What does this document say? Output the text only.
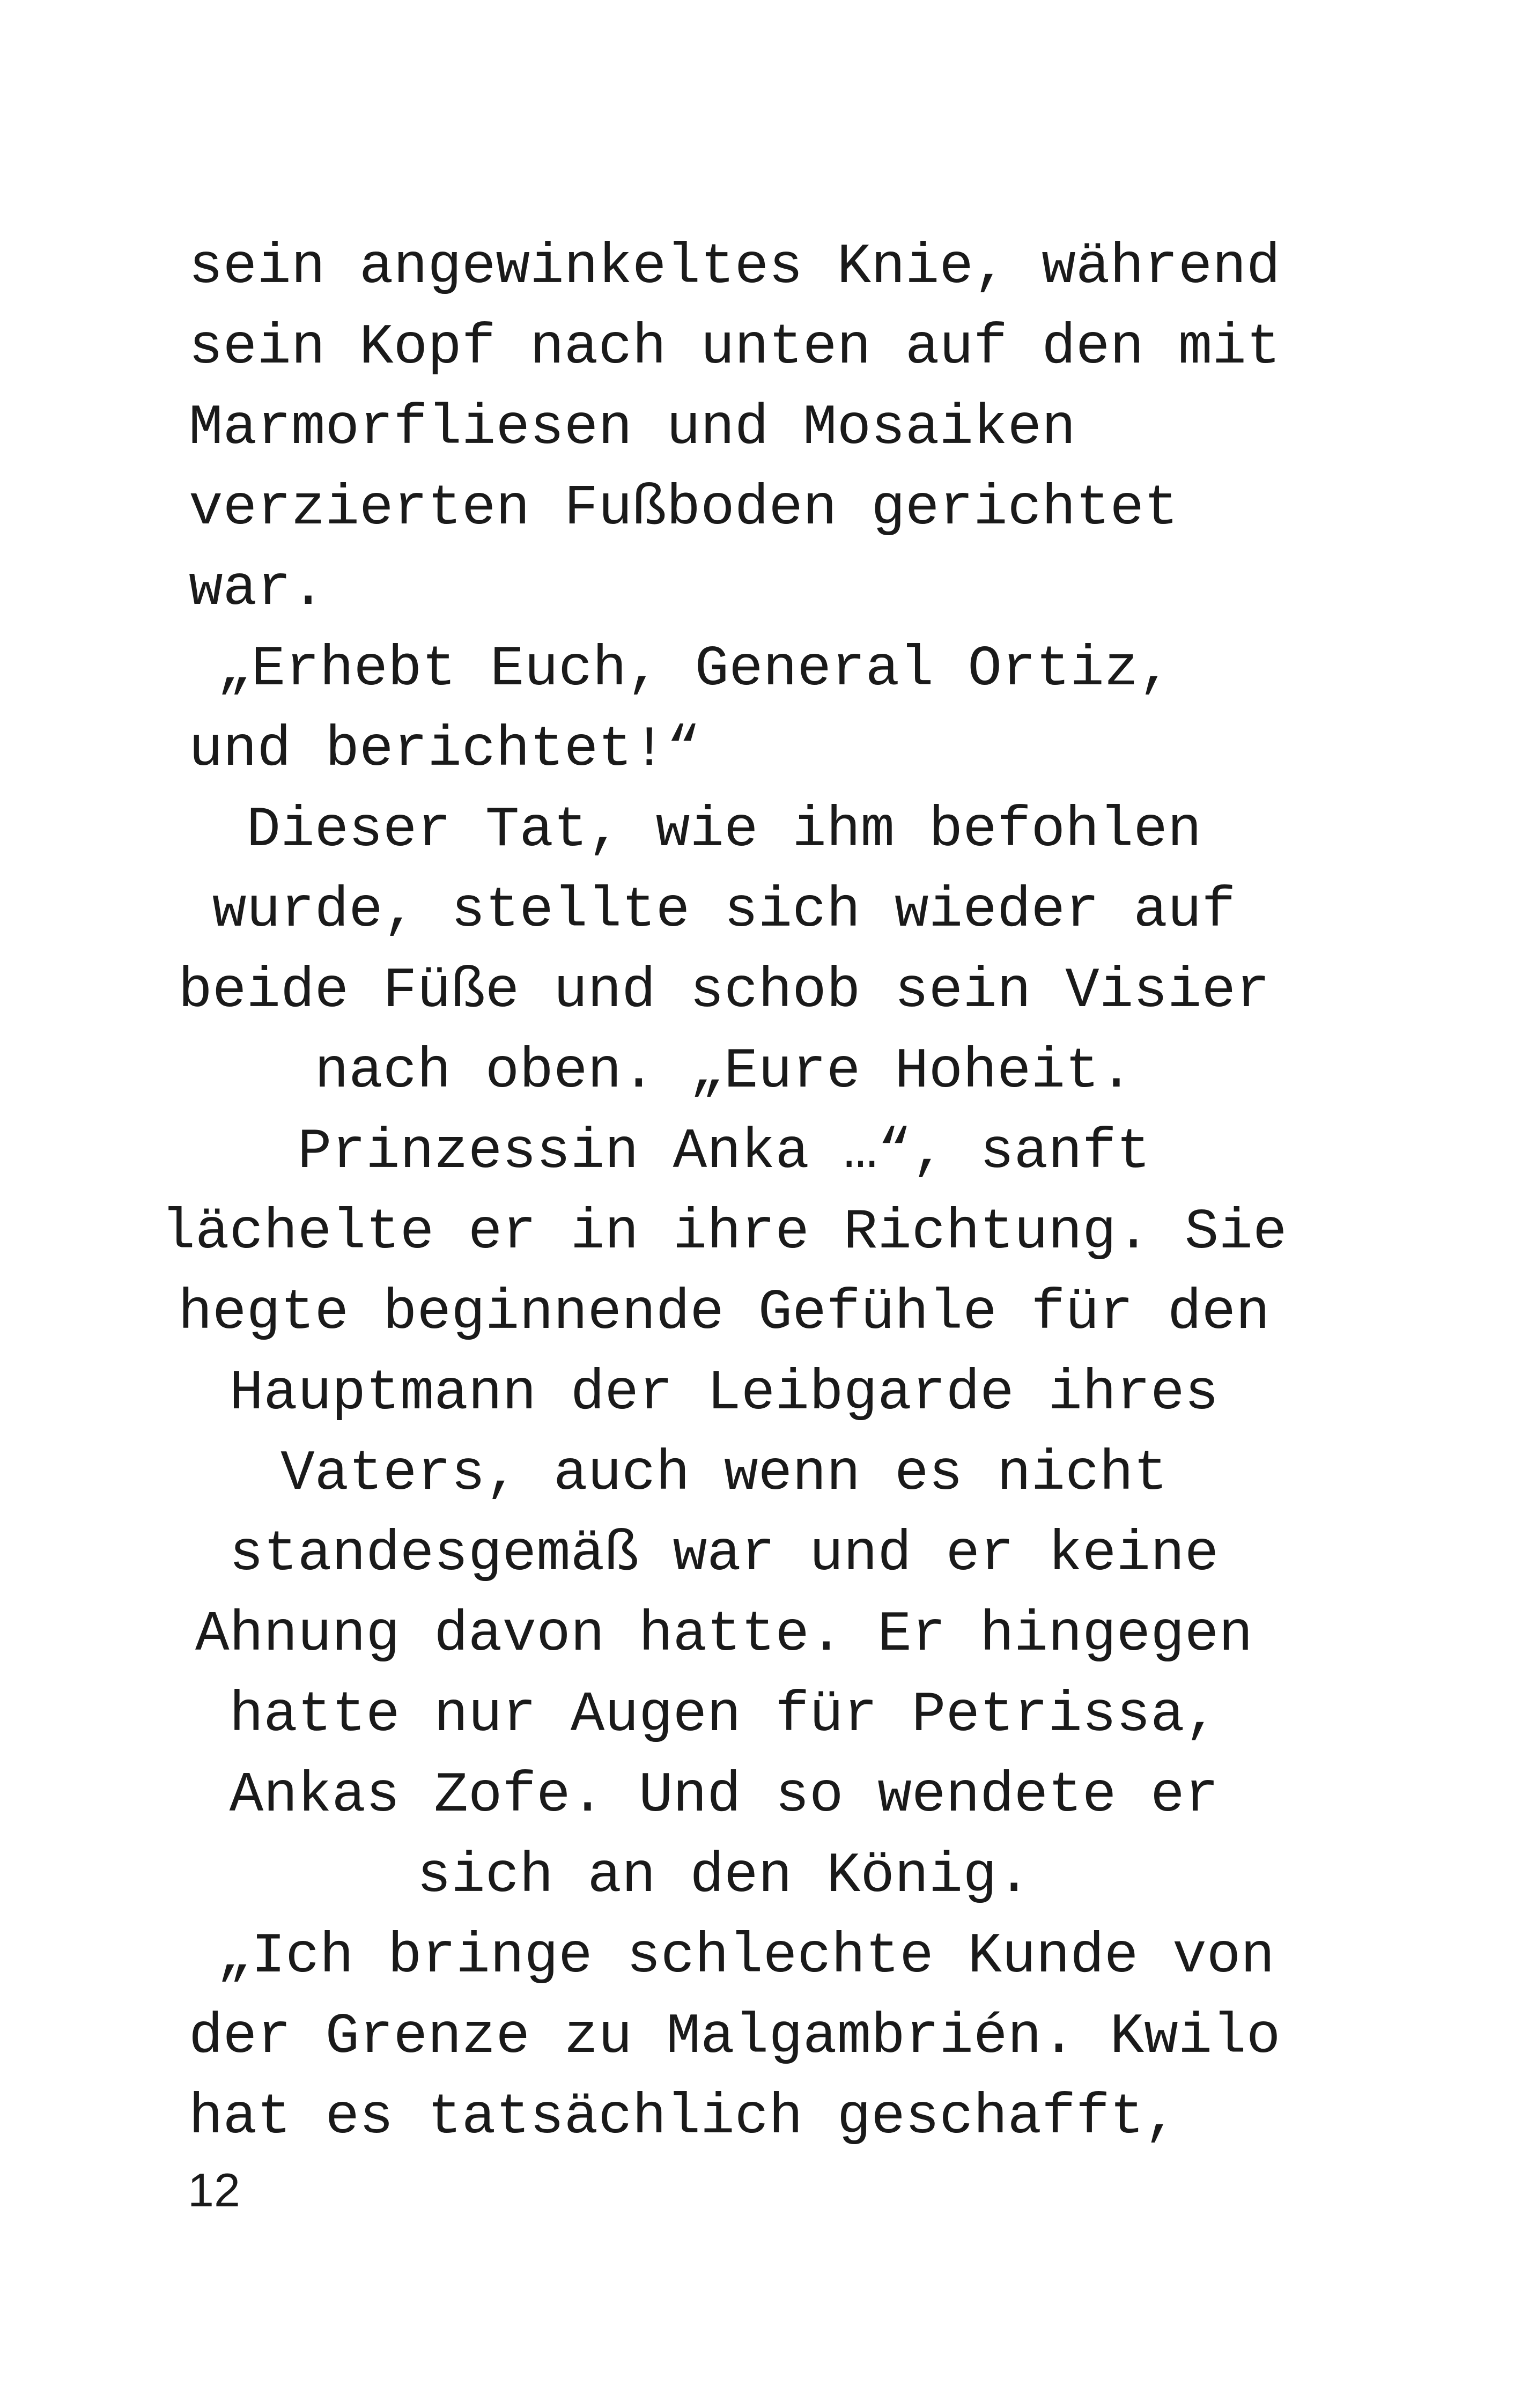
sein angewinkeltes Knie, während
sein Kopf nach unten auf den mit
Marmorfliesen und Mosaiken
verzierten Fußboden gerichtet
war.
„Erhebt Euch, General Ortiz,
und berichtet!“
Dieser Tat, wie ihm befohlen
wurde, stellte sich wieder auf
beide Füße und schob sein Visier
nach oben. „Eure Hoheit.
Prinzessin Anka …“, sanft
lächelte er in ihre Richtung. Sie
hegte beginnende Gefühle für den
Hauptmann der Leibgarde ihres
Vaters, auch wenn es nicht
standesgemäß war und er keine
Ahnung davon hatte. Er hingegen
hatte nur Augen für Petrissa,
Ankas Zofe. Und so wendete er
sich an den König.
„Ich bringe schlechte Kunde von
der Grenze zu Malgambrién. Kwilo
hat es tatsächlich geschafft,
12
